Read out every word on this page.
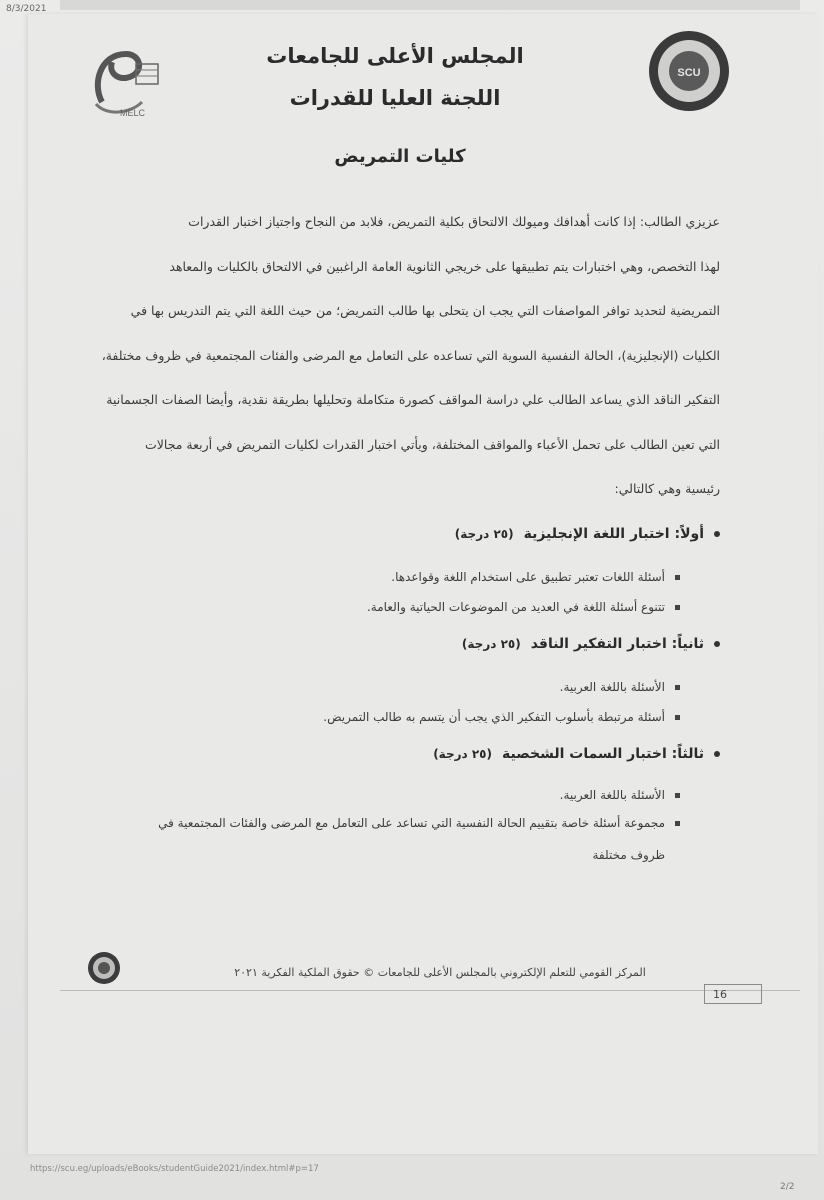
8/3/2021
MELC
SCU
المجلس الأعلى للجامعات
اللجنة العليا للقدرات
كليات التمريض
عزيزي الطالب: إذا كانت أهدافك وميولك الالتحاق بكلية التمريض، فلابد من النجاح واجتياز اختبار القدرات
لهذا التخصص، وهي اختبارات يتم تطبيقها على خريجي الثانوية العامة الراغبين في الالتحاق بالكليات والمعاهد
التمريضية لتحديد توافر المواصفات التي يجب ان يتحلى بها طالب التمريض؛ من حيث اللغة التي يتم التدريس بها في
الكليات (الإنجليزية)، الحالة النفسية السوية التي تساعده على التعامل مع المرضى والفئات المجتمعية في ظروف مختلفة،
التفكير الناقد الذي يساعد الطالب علي دراسة المواقف كصورة متكاملة وتحليلها بطريقة نقدية، وأيضا الصفات الجسمانية
التي تعين الطالب على تحمل الأعباء والمواقف المختلفة، ويأتي اختبار القدرات لكليات التمريض في أربعة مجالات
رئيسية وهي كالتالي:
أولاً: اختبار اللغة الإنجليزية
(٢٥ درجة)
أسئلة اللغات تعتبر تطبيق على استخدام اللغة وقواعدها.
تتنوع أسئلة اللغة في العديد من الموضوعات الحياتية والعامة.
ثانياً: اختبار التفكير الناقد
(٢٥ درجة)
الأسئلة باللغة العربية.
أسئلة مرتبطة بأسلوب التفكير الذي يجب أن يتسم به طالب التمريض.
ثالثاً: اختبار السمات الشخصية
(٢٥ درجة)
الأسئلة باللغة العربية.
مجموعة أسئلة خاصة بتقييم الحالة النفسية التي تساعد على التعامل مع المرضى والفئات المجتمعية في
ظروف مختلفة
المركز القومي للتعلم الإلكتروني بالمجلس الأعلى للجامعات © حقوق الملكية الفكرية ٢٠٢١
16
https://scu.eg/uploads/eBooks/studentGuide2021/index.html#p=17
2/2
